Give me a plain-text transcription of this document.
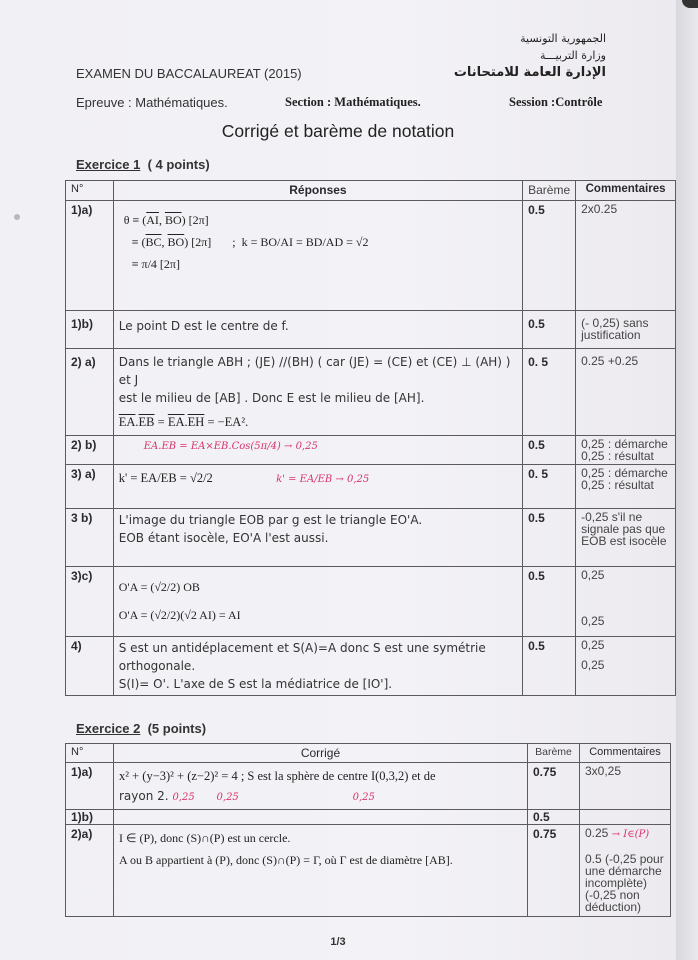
الجمهورية التونسية
وزارة التربيـــة
الإدارة العامة للامتحانات
EXAMEN DU BACCALAUREAT (2015)
Epreuve : Mathématiques.	Section : Mathématiques.	Session :Contrôle
Corrigé et barème de notation
Exercice 1 ( 4 points)
N°	Réponses	Barème	Commentaires
1)a)	$\theta \equiv (\overline{AI}$, $\overline{BO}$) [2π]
≡ ($\overline{BC}$, $\overline{BO}$) [2π]       ;  k = BO/AI = BD/AD = √2
≡ π/4 [2π]	0.5	2x0.25
1)b)	Le point D est le centre de f.	0.5	(- 0,25) sans
justification

2) a)	Dans le triangle ABH ; (JE) //(BH) ( car (JE) = (CE) et (CE) ⊥ (AH) ) et J
est le milieu de [AB] . Donc E est le milieu de [AH].
$\overline{EA}.\overline{EB} = \overline{EA}.\overline{EH} = -EA^2$.	0. 5	0.25 +0.25
2) b)	EA.EB = EA×EB.Cos(5π/4) → 0,25	0.5	0,25 : démarche
0,25 : résultat

3) a)	k' = EA/EB = √2/2 k' = EA/EB → 0,25	0. 5	0,25 : démarche
0,25 : résultat

3 b)	L'image du triangle EOB par g est le triangle EO'A.
EOB étant isocèle, EO'A l'est aussi.
	0.5	-0,25 s'il ne
signale pas que
EOB est isocèle

3)c)	
O'A = (√2/2) OB
O'A = (√2/2)(√2 AI) = AI
	0.5	0,25
0,25

4)	S est un antidéplacement et S(A)=A donc S est une symétrie
orthogonale.
S(I)= O'. L'axe de S est la médiatrice de [IO'].
	0.5	0,25
0,25
Exercice 2 (5 points)
N°	Corrigé	Barème	Commentaires
1)a)	x² + (y−3)² + (z−2)² = 4 ; S est la sphère de centre I(0,3,2) et de
rayon 2. 0,25 0,25 0,25	0.75	3x0,25
1)b)		0.5	
2)a)	I ∈ (P), donc (S)∩(P) est un cercle.
A ou B appartient à (P), donc (S)∩(P) = Γ, où Γ est de diamètre [AB].
	0.75	0.25 → I∈(P)
0.5 (-0,25 pour
une démarche
incomplète)
(-0,25 non
déduction)
1/3
